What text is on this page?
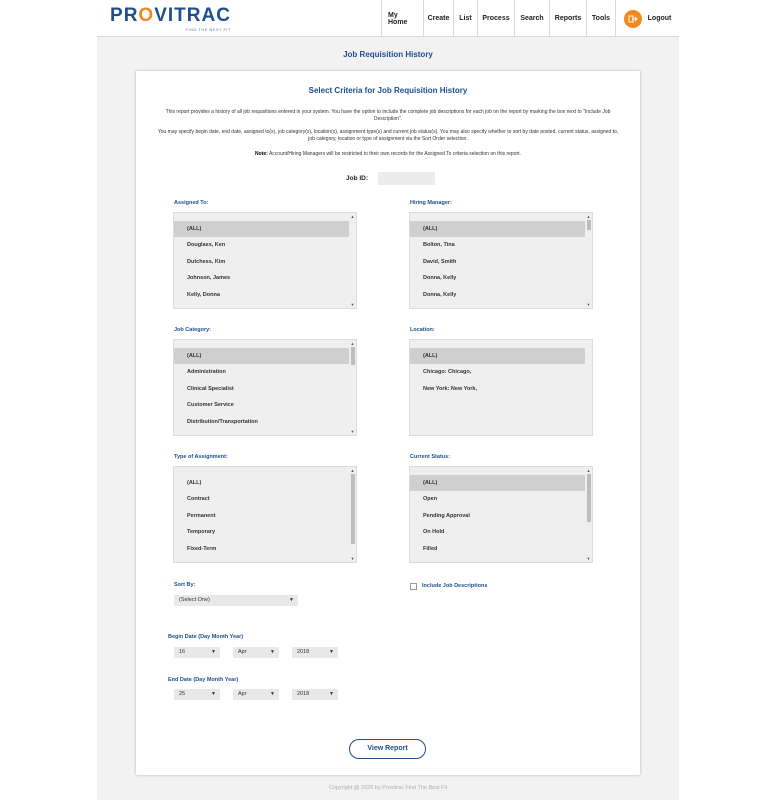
PROVITRAC
FIND THE BEST FIT
My Home	Create	List	Process	Search	Reports	Tools	Logout
Job Requisition History
Select Criteria for Job Requisition History
This report provides a history of all job requisitions entered in your system. You have the option to include the complete job descriptions for each job on the report by marking the box next to "Include Job Description".
You may specify begin date, end date, assigned to(s), job category(s), location(s), assignment type(s) and current job status(s). You may also specify whether to sort by date posted, current status, assigned to, job category, location or type of assignment via the Sort Order selection.
Note: Account/Hiring Managers will be restricted to their own records for the Assigned To criteria selection on this report.
Job ID:
Assigned To:
(ALL)
Douglass, Ken
Dutchess, Kim
Johnson, James
Kelly, Donna
▲
▼
Hiring Manager:
(ALL)
Bolton, Tina
David, Smith
Donna, Kelly
Donna, Kelly
▲
▼
Job Category:
(ALL)
Administration
Clinical Specialist
Customer Service
Distribution/Transportation
▲
▼
Location:
(ALL)
Chicago: Chicago,
New York: New York,
Type of Assignment:
(ALL)
Contract
Permanent
Temporary
Fixed-Term
▲
▼
Current Status:
(ALL)
Open
Pending Approval
On Hold
Filled
▲
▼
Sort By:
(Select One)	▼
Include Job Descriptions
Begin Date (Day Month Year)
16	▼	Apr	▼	2018	▼
End Date (Day Month Year)
25	▼	Apr	▼	2018	▼
View Report
Copyright @ 2020 by Provitrac Find The Best Fit
